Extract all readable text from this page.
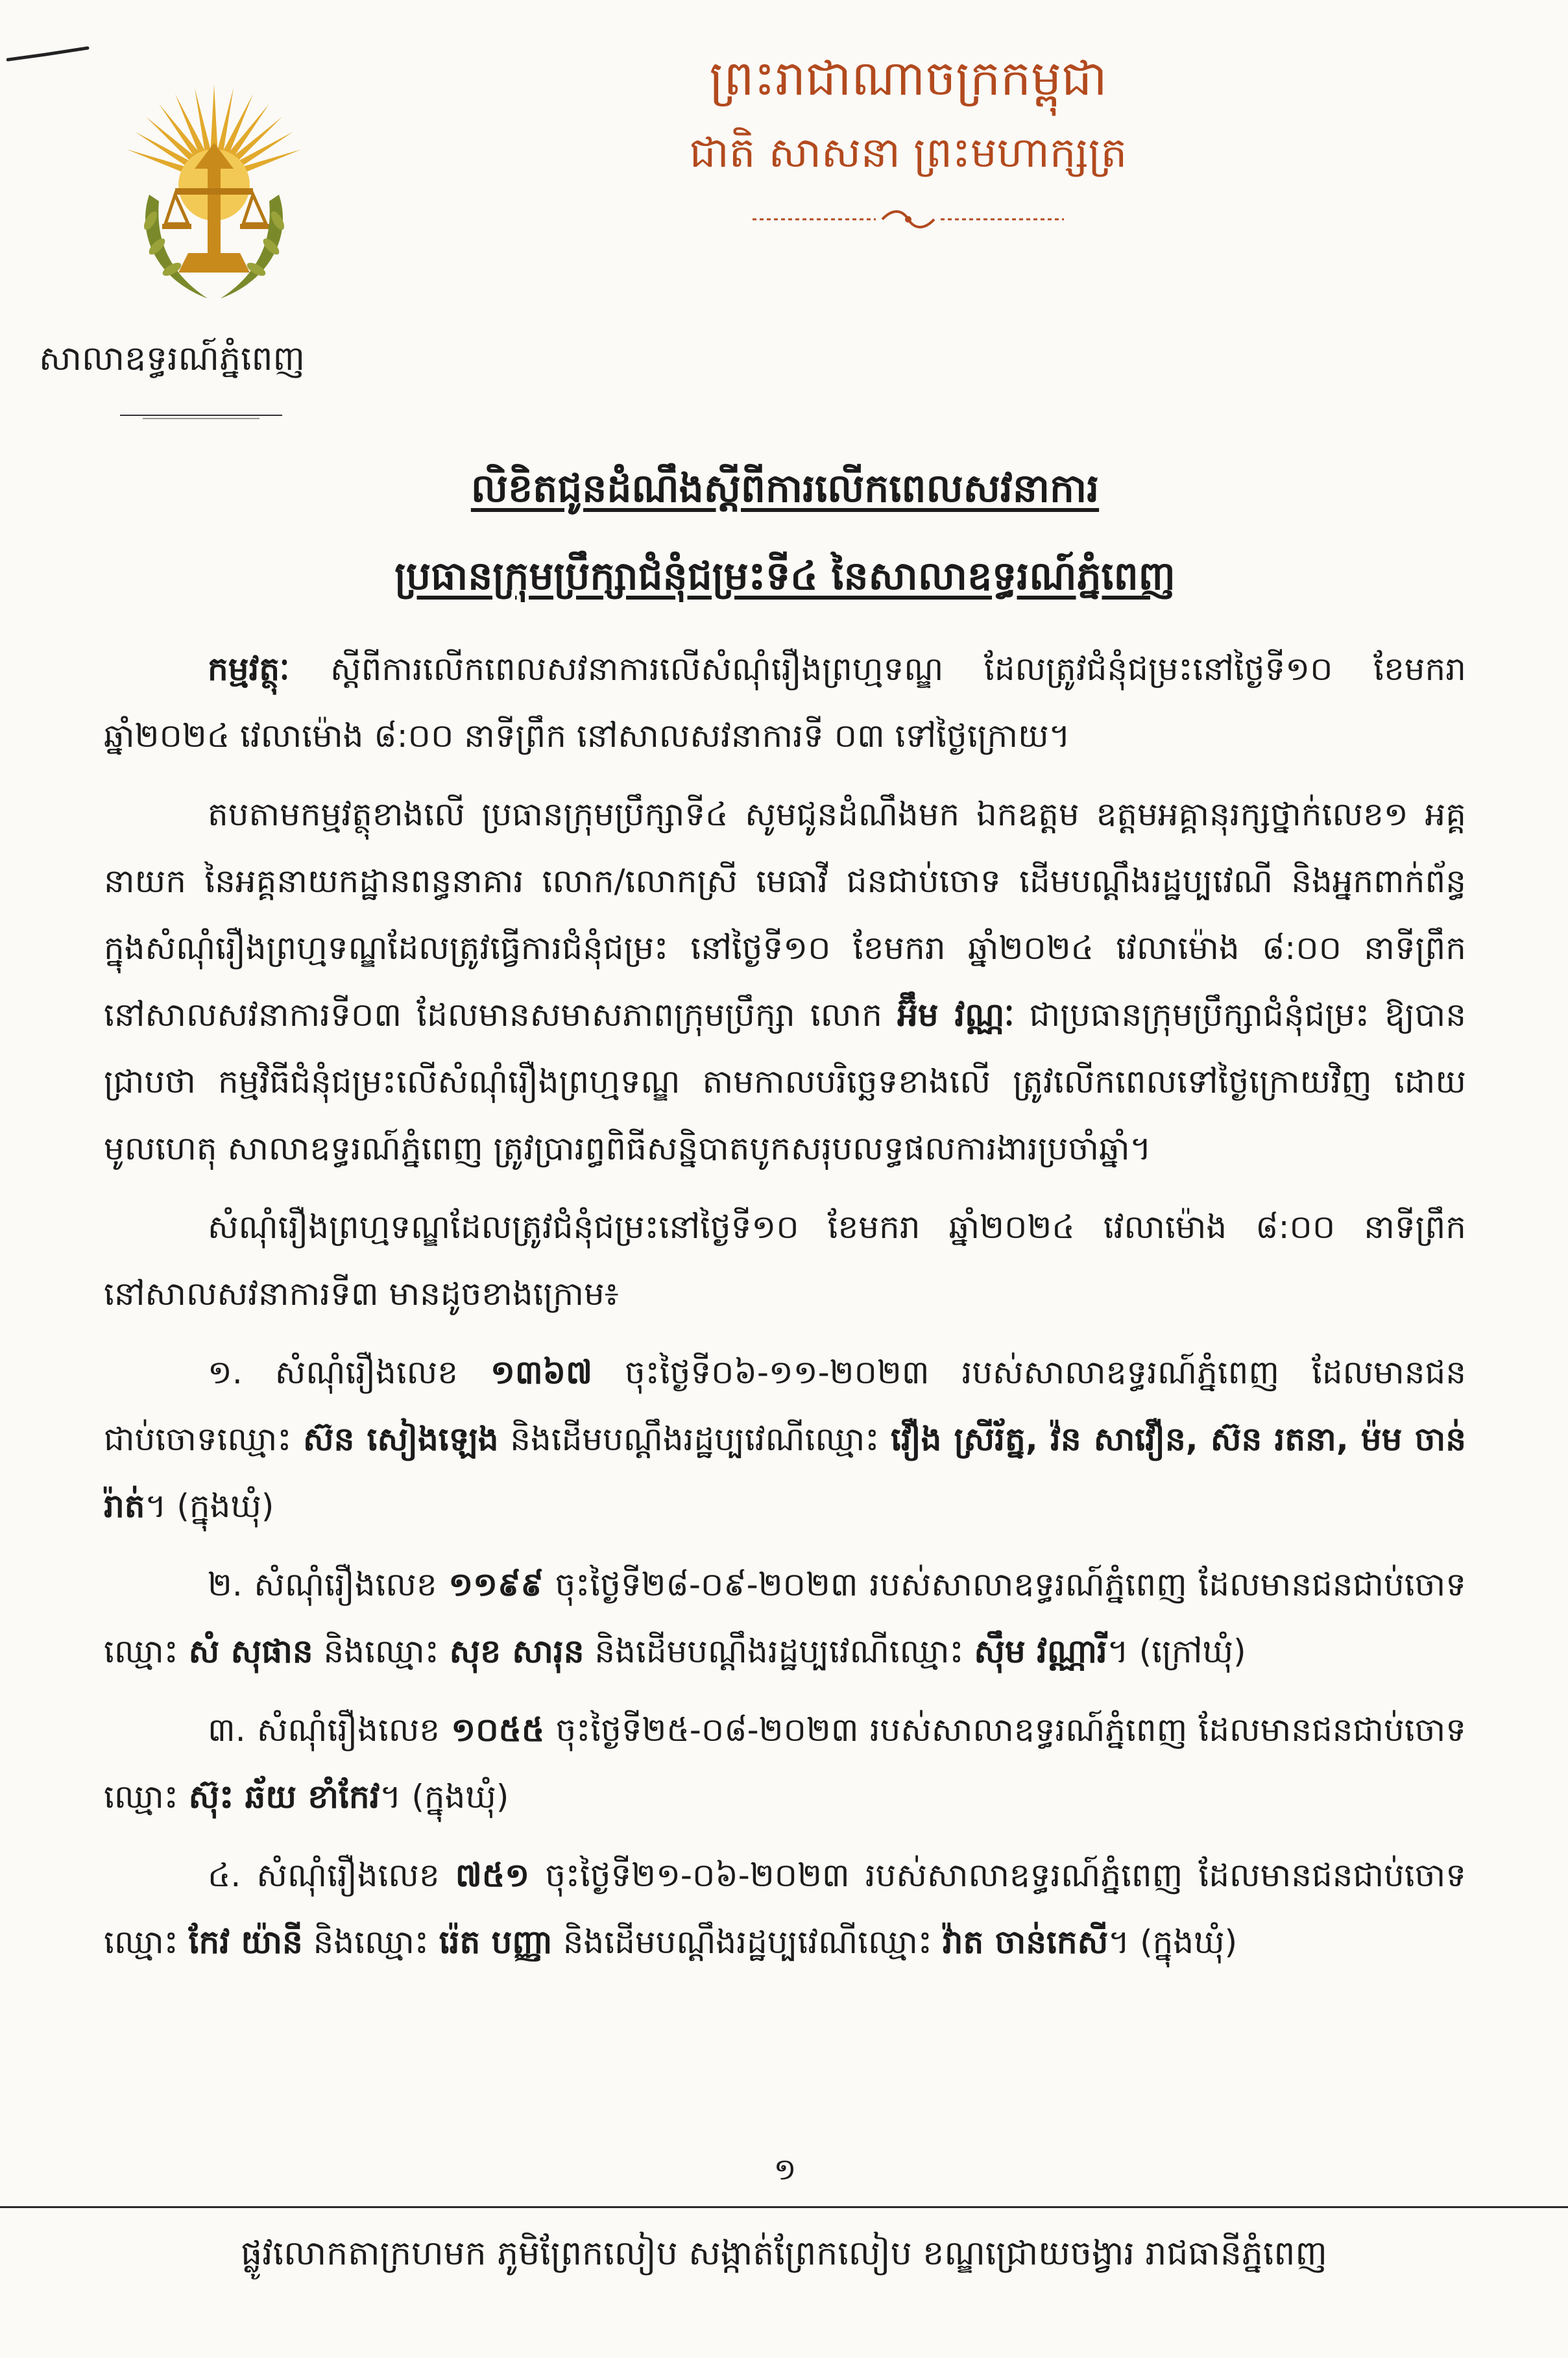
សាលាឧទ្ធរណ៍ភ្នំពេញ
ព្រះរាជាណាចក្រកម្ពុជា
ជាតិ សាសនា ព្រះមហាក្សត្រ
លិខិតជូនដំណឹងស្តីពីការលើកពេលសវនាការ
ប្រធានក្រុមប្រឹក្សាជំនុំជម្រះទី៤ នៃសាលាឧទ្ធរណ៍ភ្នំពេញ

កម្មវត្ថុៈ ស្តីពីការលើកពេលសវនាការលើសំណុំរឿងព្រហ្មទណ្ឌ ដែលត្រូវជំនុំជម្រះនៅថ្ងៃទី១០ ខែមករា ឆ្នាំ២០២៤ វេលាម៉ោង ៨:០០ នាទីព្រឹក នៅសាលសវនាការទី ០៣ ទៅថ្ងៃក្រោយ។

តបតាមកម្មវត្ថុខាងលើ ប្រធានក្រុមប្រឹក្សាទី៤ សូមជូនដំណឹងមក ឯកឧត្តម ឧត្តមអគ្គានុរក្សថ្នាក់លេខ១ អគ្គនាយក នៃអគ្គនាយកដ្ឋានពន្ធនាគារ លោក/លោកស្រី មេធាវី ជនជាប់ចោទ ដើមបណ្តឹងរដ្ឋប្បវេណី និងអ្នកពាក់ព័ន្ធ ក្នុងសំណុំរឿងព្រហ្មទណ្ឌដែលត្រូវធ្វើការជំនុំជម្រះ នៅថ្ងៃទី១០ ខែមករា ឆ្នាំ២០២៤ វេលាម៉ោង ៨:០០ នាទីព្រឹក នៅសាលសវនាការទី០៣ ដែលមានសមាសភាពក្រុមប្រឹក្សា លោក អ៊ឹម វណ្ណៈ ជាប្រធានក្រុមប្រឹក្សាជំនុំជម្រះ ឱ្យបានជ្រាបថា កម្មវិធីជំនុំជម្រះលើសំណុំរឿងព្រហ្មទណ្ឌ តាមកាលបរិច្ឆេទខាងលើ ត្រូវលើកពេលទៅថ្ងៃក្រោយវិញ ដោយមូលហេតុ សាលាឧទ្ធរណ៍ភ្នំពេញ ត្រូវប្រារព្ធពិធីសន្និបាតបូកសរុបលទ្ធផលការងារប្រចាំឆ្នាំ។

សំណុំរឿងព្រហ្មទណ្ឌដែលត្រូវជំនុំជម្រះនៅថ្ងៃទី១០ ខែមករា ឆ្នាំ២០២៤ វេលាម៉ោង ៨:០០ នាទីព្រឹក នៅសាលសវនាការទី៣ មានដូចខាងក្រោម៖

១. សំណុំរឿងលេខ ១៣៦៧ ចុះថ្ងៃទី០៦-១១-២០២៣ របស់សាលាឧទ្ធរណ៍ភ្នំពេញ ដែលមានជនជាប់ចោទឈ្មោះ ស៊ន សៀងឡេង និងដើមបណ្តឹងរដ្ឋប្បវេណីឈ្មោះ វឿង ស្រីរ័ត្ន, វ៉ន សាវឿន, ស៊ន រតនា, ម៉ម ចាន់រ៉ាត់។ (ក្នុងឃុំ)
២. សំណុំរឿងលេខ ១១៩៩ ចុះថ្ងៃទី២៨-០៩-២០២៣ របស់សាលាឧទ្ធរណ៍ភ្នំពេញ ដែលមានជនជាប់ចោទឈ្មោះ សំ សុផាន និងឈ្មោះ សុខ សារុន និងដើមបណ្តឹងរដ្ឋប្បវេណីឈ្មោះ ស៊ឹម វណ្ណារី។ (ក្រៅឃុំ)
៣. សំណុំរឿងលេខ ១០៥៥ ចុះថ្ងៃទី២៥-០៨-២០២៣ របស់សាលាឧទ្ធរណ៍ភ្នំពេញ ដែលមានជនជាប់ចោទឈ្មោះ ស៊ុះ ឆ័យ ខាំកែវ។ (ក្នុងឃុំ)
៤. សំណុំរឿងលេខ ៧៥១ ចុះថ្ងៃទី២១-០៦-២០២៣ របស់សាលាឧទ្ធរណ៍ភ្នំពេញ ដែលមានជនជាប់ចោទឈ្មោះ កែវ យ៉ានី និងឈ្មោះ រ៉េត បញ្ញា និងដើមបណ្តឹងរដ្ឋប្បវេណីឈ្មោះ វ៉ាត ចាន់កេសី។ (ក្នុងឃុំ)
១
ផ្លូវលោកតាក្រហមក ភូមិព្រែកលៀប សង្កាត់ព្រែកលៀប ខណ្ឌជ្រោយចង្វារ រាជធានីភ្នំពេញ
